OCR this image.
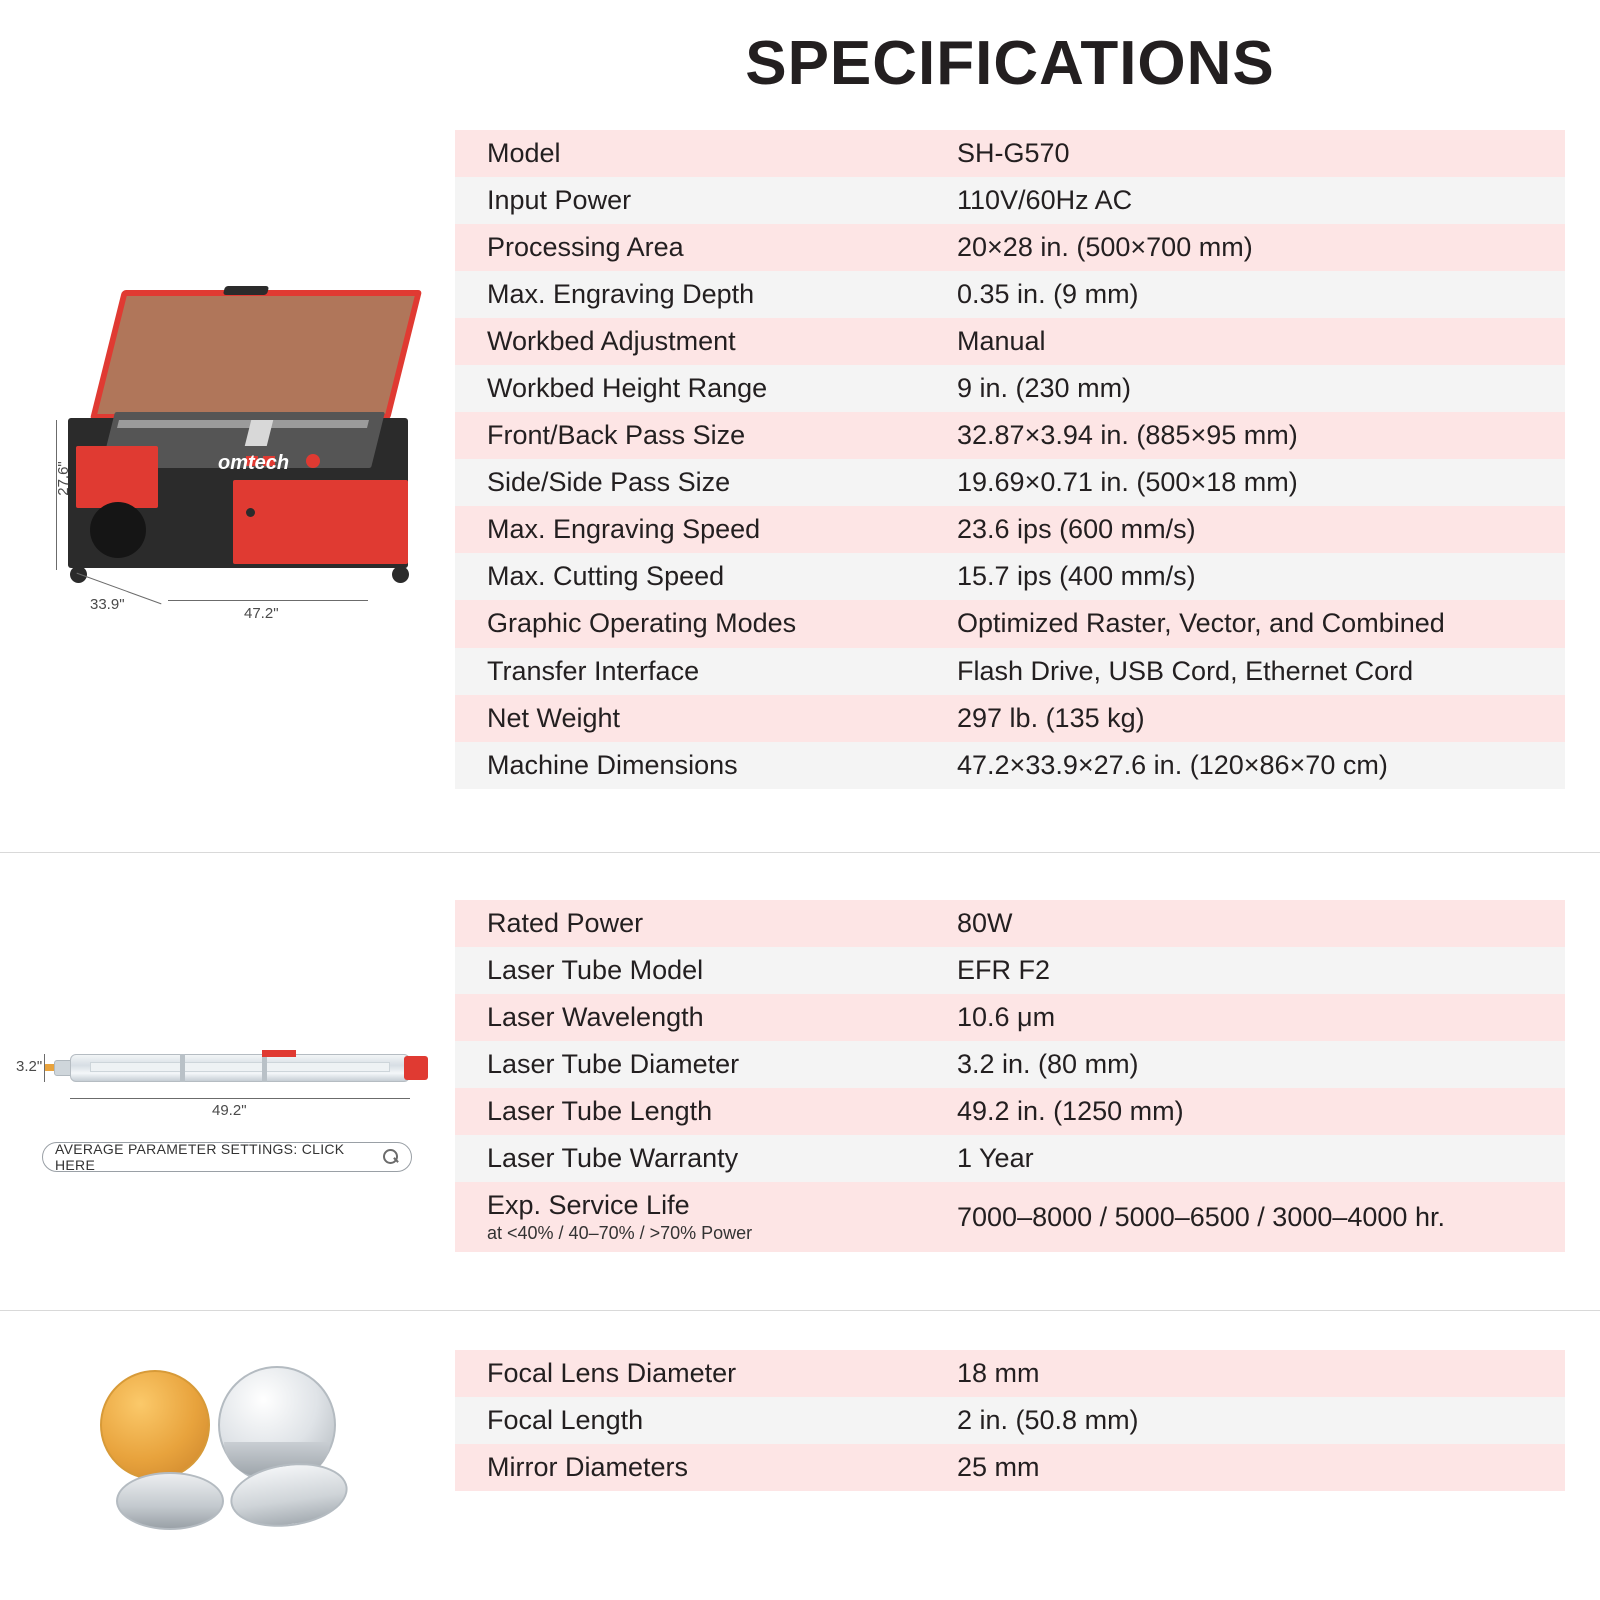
SPECIFICATIONS
omtech
27.6"
47.2"
33.9"
Model	SH-G570
Input Power	110V/60Hz AC
Processing Area	20×28 in. (500×700 mm)
Max. Engraving Depth	0.35 in. (9 mm)
Workbed Adjustment	Manual
Workbed Height Range	9 in. (230 mm)
Front/Back Pass Size	32.87×3.94 in. (885×95 mm)
Side/Side Pass Size	19.69×0.71 in. (500×18 mm)
Max. Engraving Speed	23.6 ips (600 mm/s)
Max. Cutting Speed	15.7 ips (400 mm/s)
Graphic Operating Modes	Optimized Raster, Vector, and Combined
Transfer Interface	Flash Drive, USB Cord, Ethernet Cord
Net Weight	297 lb. (135 kg)
Machine Dimensions	47.2×33.9×27.6 in. (120×86×70 cm)
3.2"
49.2"
AVERAGE PARAMETER SETTINGS: CLICK HERE
Rated Power	80W
Laser Tube Model	EFR F2
Laser Wavelength	10.6 μm
Laser Tube Diameter	3.2 in. (80 mm)
Laser Tube Length	49.2 in. (1250 mm)
Laser Tube Warranty	1 Year
Exp. Service Life
at <40% / 40–70% / >70% Power	7000–8000 / 5000–6500 / 3000–4000 hr.
Focal Lens Diameter	18 mm
Focal Length	2 in. (50.8 mm)
Mirror Diameters	25 mm
